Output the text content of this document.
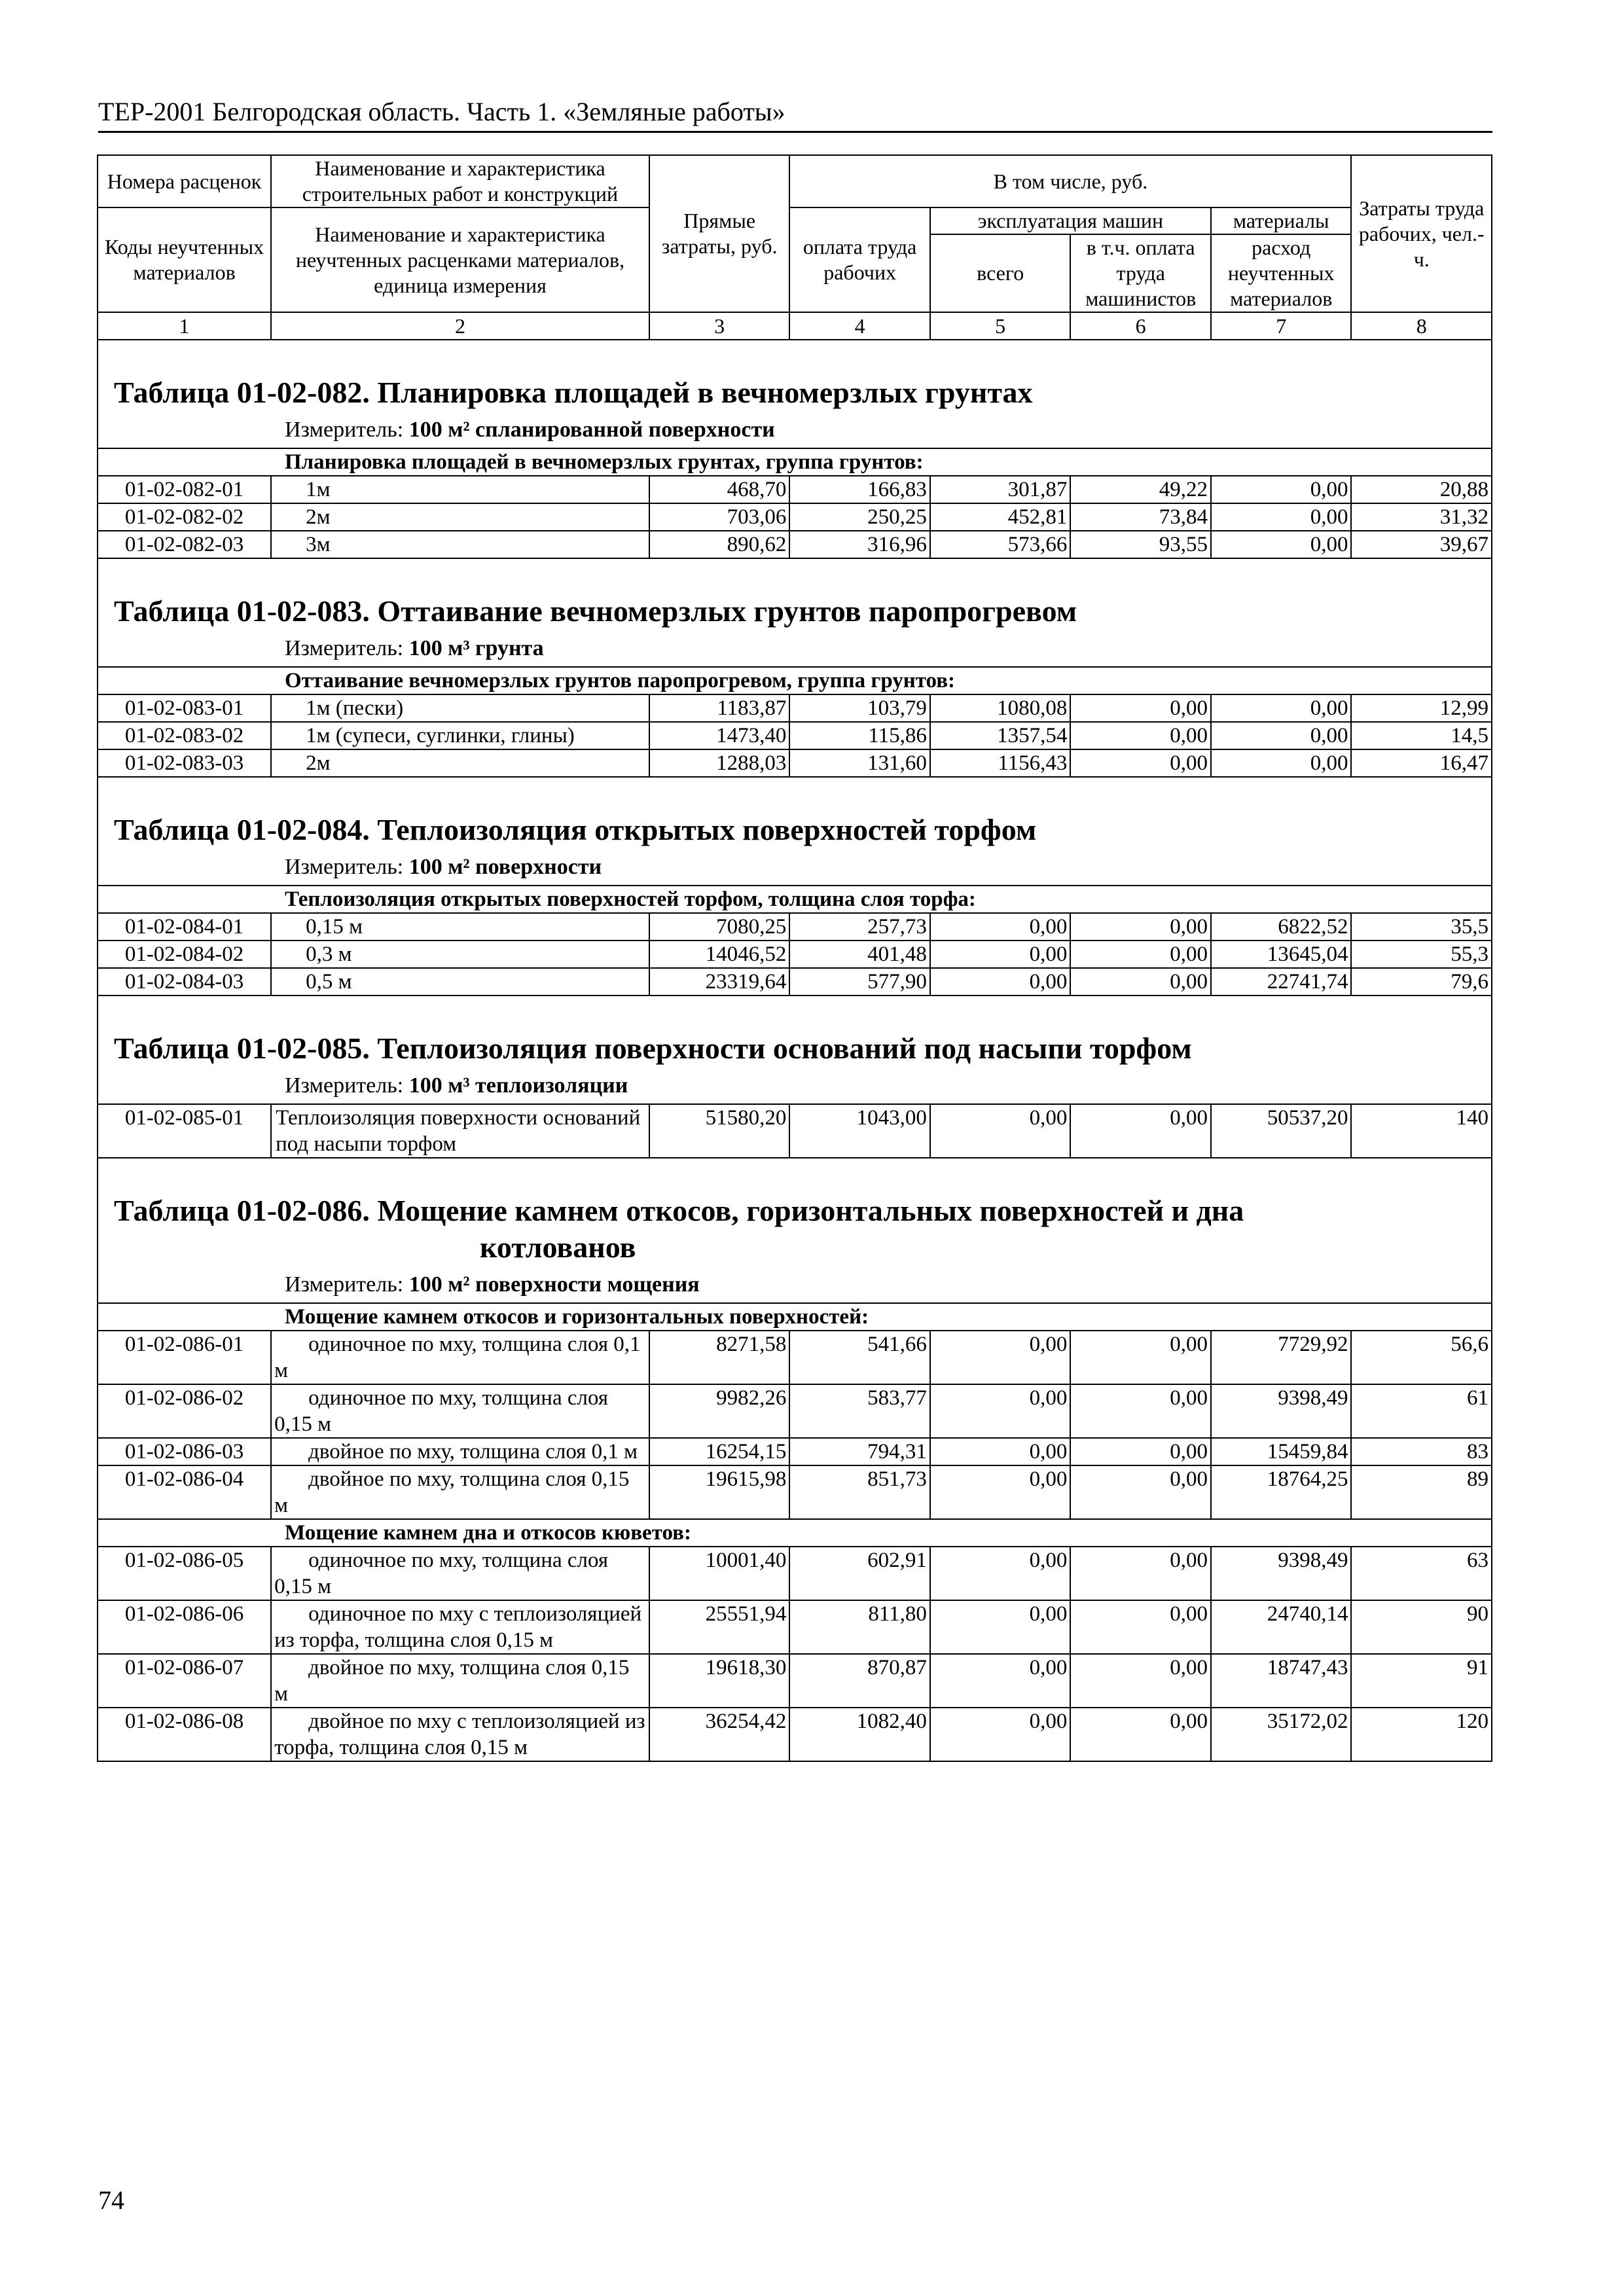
ТЕР-2001 Белгородская область. Часть 1. «Земляные работы»
Номера расценок	Наименование и характеристика строительных работ и конструкций	Прямые затраты, руб.	В том числе, руб.				Затраты труда рабочих, чел.-ч.
Коды неучтенных материалов	Наименование и характеристика неучтенных расценками материалов, единица измерения		оплата труда рабочих	эксплуатация машин		материалы	
				всего	в т.ч. оплата труда машинистов	расход неучтенных материалов	
1	2	3	4	5	6	7	8

Таблица 01-02-082. Планировка площадей в вечномерзлых грунтах
Измеритель: 100 м² спланированной поверхности							

Планировка площадей в вечномерзлых грунтах, группа грунтов:							
01-02-082-01	1м	468,70	166,83	301,87	49,22	0,00	20,88
01-02-082-02	2м	703,06	250,25	452,81	73,84	0,00	31,32
01-02-082-03	3м	890,62	316,96	573,66	93,55	0,00	39,67

Таблица 01-02-083. Оттаивание вечномерзлых грунтов паропрогревом
Измеритель: 100 м³ грунта							

Оттаивание вечномерзлых грунтов паропрогревом, группа грунтов:							
01-02-083-01	1м (пески)	1183,87	103,79	1080,08	0,00	0,00	12,99
01-02-083-02	1м (супеси, суглинки, глины)	1473,40	115,86	1357,54	0,00	0,00	14,5
01-02-083-03	2м	1288,03	131,60	1156,43	0,00	0,00	16,47

Таблица 01-02-084. Теплоизоляция открытых поверхностей торфом
Измеритель: 100 м² поверхности							

Теплоизоляция открытых поверхностей торфом, толщина слоя торфа:							
01-02-084-01	0,15 м	7080,25	257,73	0,00	0,00	6822,52	35,5
01-02-084-02	0,3 м	14046,52	401,48	0,00	0,00	13645,04	55,3
01-02-084-03	0,5 м	23319,64	577,90	0,00	0,00	22741,74	79,6

Таблица 01-02-085. Теплоизоляция поверхности оснований под насыпи торфом
Измеритель: 100 м³ теплоизоляции							

01-02-085-01	Теплоизоляция поверхности оснований под насыпи торфом	51580,20	1043,00	0,00	0,00	50537,20	140

Таблица 01-02-086. Мощение камнем откосов, горизонтальных поверхностей и дна
котлованов
Измеритель: 100 м² поверхности мощения							

Мощение камнем откосов и горизонтальных поверхностей:							
01-02-086-01	одиночное по мху, толщина слоя 0,1 м	8271,58	541,66	0,00	0,00	7729,92	56,6
01-02-086-02	одиночное по мху, толщина слоя 0,15 м	9982,26	583,77	0,00	0,00	9398,49	61
01-02-086-03	двойное по мху, толщина слоя 0,1 м	16254,15	794,31	0,00	0,00	15459,84	83
01-02-086-04	двойное по мху, толщина слоя 0,15 м	19615,98	851,73	0,00	0,00	18764,25	89
Мощение камнем дна и откосов кюветов:							
01-02-086-05	одиночное по мху, толщина слоя 0,15 м	10001,40	602,91	0,00	0,00	9398,49	63
01-02-086-06	одиночное по мху с теплоизоляцией из торфа, толщина слоя 0,15 м	25551,94	811,80	0,00	0,00	24740,14	90
01-02-086-07	двойное по мху, толщина слоя 0,15 м	19618,30	870,87	0,00	0,00	18747,43	91
01-02-086-08	двойное по мху с теплоизоляцией из торфа, толщина слоя 0,15 м	36254,42	1082,40	0,00	0,00	35172,02	120
74
